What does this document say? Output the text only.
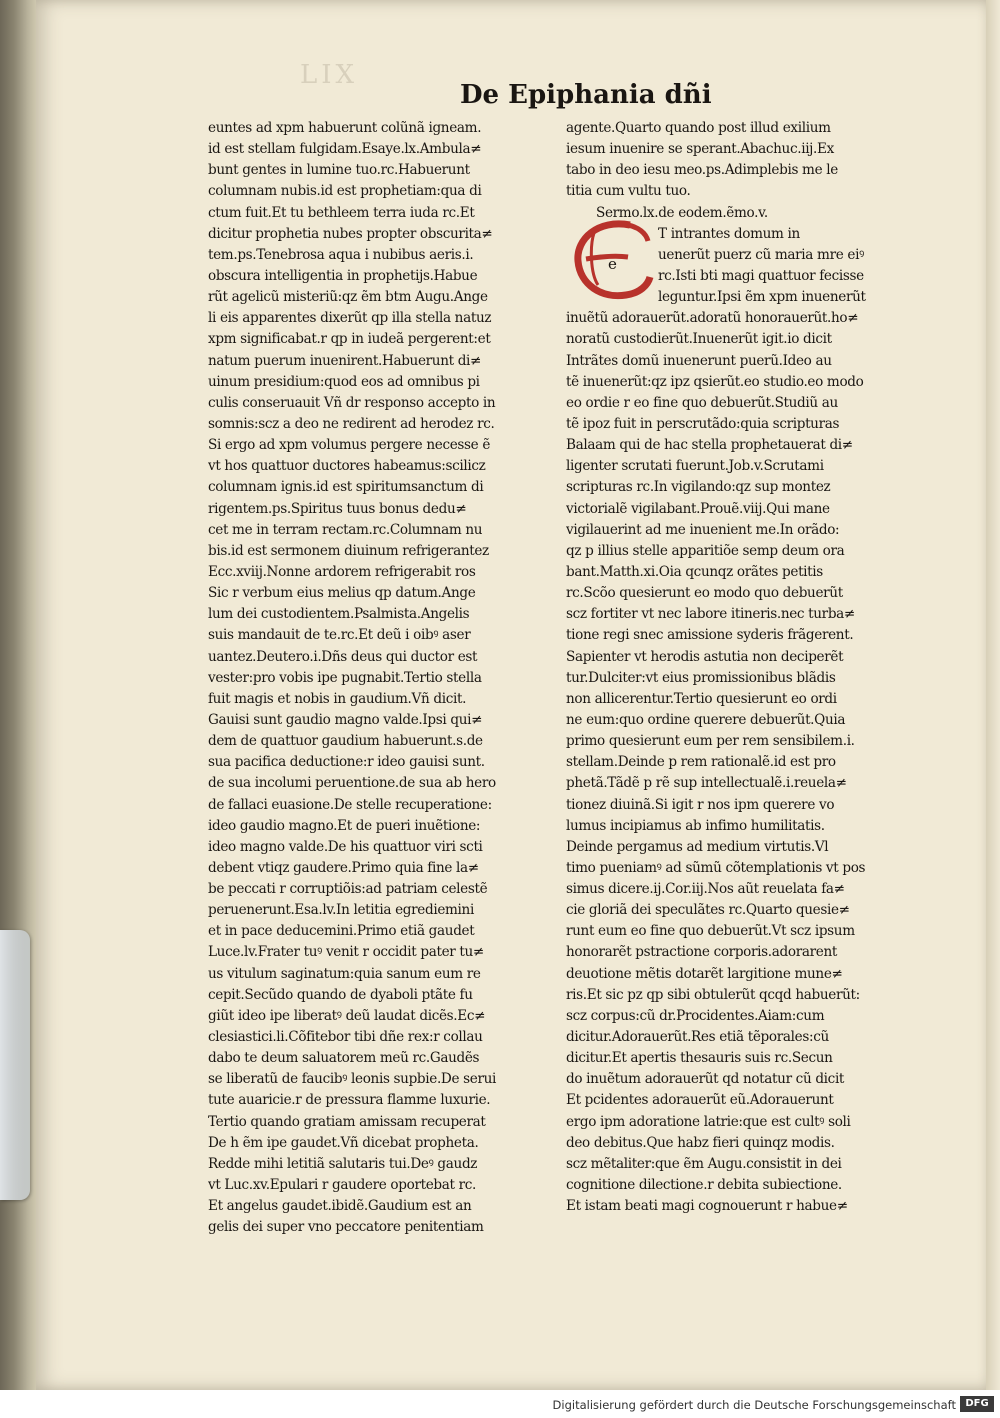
LIX
De Epiphania dñi
euntes ad xpm habuerunt colũnã igneam.
id est stellam fulgidam.Esaye.lx.Ambula≠
bunt gentes in lumine tuo.rc.Habuerunt
columnam nubis.id est prophetiam:qua di
ctum fuit.Et tu bethleem terra iuda rc.Et
dicitur prophetia nubes propter obscurita≠
tem.ps.Tenebrosa aqua i nubibus aeris.i.
obscura intelligentia in prophetijs.Habue
rũt agelicũ misteriũ:qz ẽm btm Augu.Ange
li eis apparentes dixerũt qp illa stella natuz
xpm significabat.r qp in iudeã pergerent:et
natum puerum inuenirent.Habuerunt di≠
uinum presidium:quod eos ad omnibus pi
culis conseruauit Vñ dr responso accepto in
somnis:scz a deo ne redirent ad herodez rc.
Si ergo ad xpm volumus pergere necesse ẽ
vt hos quattuor ductores habeamus:scilicz
columnam ignis.id est spiritumsanctum di
rigentem.ps.Spiritus tuus bonus dedu≠
cet me in terram rectam.rc.Columnam nu
bis.id est sermonem diuinum refrigerantez
Ecc.xviij.Nonne ardorem refrigerabit ros
Sic r verbum eius melius qp datum.Ange
lum dei custodientem.Psalmista.Angelis
suis mandauit de te.rc.Et deũ i oibꝰ aser
uantez.Deutero.i.Dñs deus qui ductor est
vester:pro vobis ipe pugnabit.Tertio stella
fuit magis et nobis in gaudium.Vñ dicit.
Gauisi sunt gaudio magno valde.Ipsi qui≠
dem de quattuor gaudium habuerunt.s.de
sua pacifica deductione:r ideo gauisi sunt.
de sua incolumi peruentione.de sua ab hero
de fallaci euasione.De stelle recuperatione:
ideo gaudio magno.Et de pueri inuẽtione:
ideo magno valde.De his quattuor viri scti
debent vtiqz gaudere.Primo quia fine la≠
be peccati r corruptiõis:ad patriam celestẽ
peruenerunt.Esa.lv.In letitia egrediemini
et in pace deducemini.Primo etiã gaudet
Luce.lv.Frater tuꝰ venit r occidit pater tu≠
us vitulum saginatum:quia sanum eum re
cepit.Secũdo quando de dyaboli ptãte fu
giũt ideo ipe liberatꝰ deũ laudat dicẽs.Ec≠
clesiastici.li.Cõfitebor tibi dñe rex:r collau
dabo te deum saluatorem meũ rc.Gaudẽs
se liberatũ de faucibꝰ leonis supbie.De serui
tute auaricie.r de pressura flamme luxurie.
Tertio quando gratiam amissam recuperat
De h ẽm ipe gaudet.Vñ dicebat propheta.
Redde mihi letitiã salutaris tui.Deꝰ gaudz
vt Luc.xv.Epulari r gaudere oportebat rc.
Et angelus gaudet.ibidẽ.Gaudium est an
gelis dei super vno peccatore penitentiam
agente.Quarto quando post illud exilium
iesum inuenire se sperant.Abachuc.iij.Ex
tabo in deo iesu meo.ps.Adimplebis me le
titia cum vultu tuo.
Sermo.lx.de eodem.ẽmo.v.
T intrantes domum in
uenerũt puerz cũ maria mre eiꝰ
rc.Isti bti magi quattuor fecisse
leguntur.Ipsi ẽm xpm inuenerũt
inuẽtũ adorauerũt.adoratũ honorauerũt.ho≠
noratũ custodierũt.Inuenerũt igit.io dicit
Intrãtes domũ inuenerunt puerũ.Ideo au
tẽ inuenerũt:qz ipz qsierũt.eo studio.eo modo
eo ordie r eo fine quo debuerũt.Studiũ au
tẽ ipoz fuit in perscrutãdo:quia scripturas
Balaam qui de hac stella prophetauerat di≠
ligenter scrutati fuerunt.Job.v.Scrutami
scripturas rc.In vigilando:qz sup montez
victorialẽ vigilabant.Prouẽ.viij.Qui mane
vigilauerint ad me inuenient me.In orãdo:
qz p illius stelle apparitiõe semp deum ora
bant.Matth.xi.Oia qcunqz orãtes petitis
rc.Scõo quesierunt eo modo quo debuerũt
scz fortiter vt nec labore itineris.nec turba≠
tione regi snec amissione syderis frãgerent.
Sapienter vt herodis astutia non deciperẽt
tur.Dulciter:vt eius promissionibus blãdis
non allicerentur.Tertio quesierunt eo ordi
ne eum:quo ordine querere debuerũt.Quia
primo quesierunt eum per rem sensibilem.i.
stellam.Deinde p rem rationalẽ.id est pro
phetã.Tãdẽ p rẽ sup intellectualẽ.i.reuela≠
tionez diuinã.Si igit r nos ipm querere vo
lumus incipiamus ab infimo humilitatis.
Deinde pergamus ad medium virtutis.Vl
timo pueniamꝰ ad sũmũ cõtemplationis vt pos
simus dicere.ij.Cor.iij.Nos aũt reuelata fa≠
cie gloriã dei speculãtes rc.Quarto quesie≠
runt eum eo fine quo debuerũt.Vt scz ipsum
honorarẽt pstractione corporis.adorarent
deuotione mẽtis dotarẽt largitione mune≠
ris.Et sic pz qp sibi obtulerũt qcqd habuerũt:
scz corpus:cũ dr.Procidentes.Aiam:cum
dicitur.Adorauerũt.Res etiã tẽporales:cũ
dicitur.Et apertis thesauris suis rc.Secun
do inuẽtum adorauerũt qd notatur cũ dicit
Et pcidentes adorauerũt eũ.Adorauerunt
ergo ipm adoratione latrie:que est cultꝰ soli
deo debitus.Que habz fieri quinqz modis.
scz mẽtaliter:que ẽm Augu.consistit in dei
cognitione dilectione.r debita subiectione.
Et istam beati magi cognouerunt r habue≠
e
Digitalisierung gefördert durch die Deutsche Forschungsgemeinschaft DFG
